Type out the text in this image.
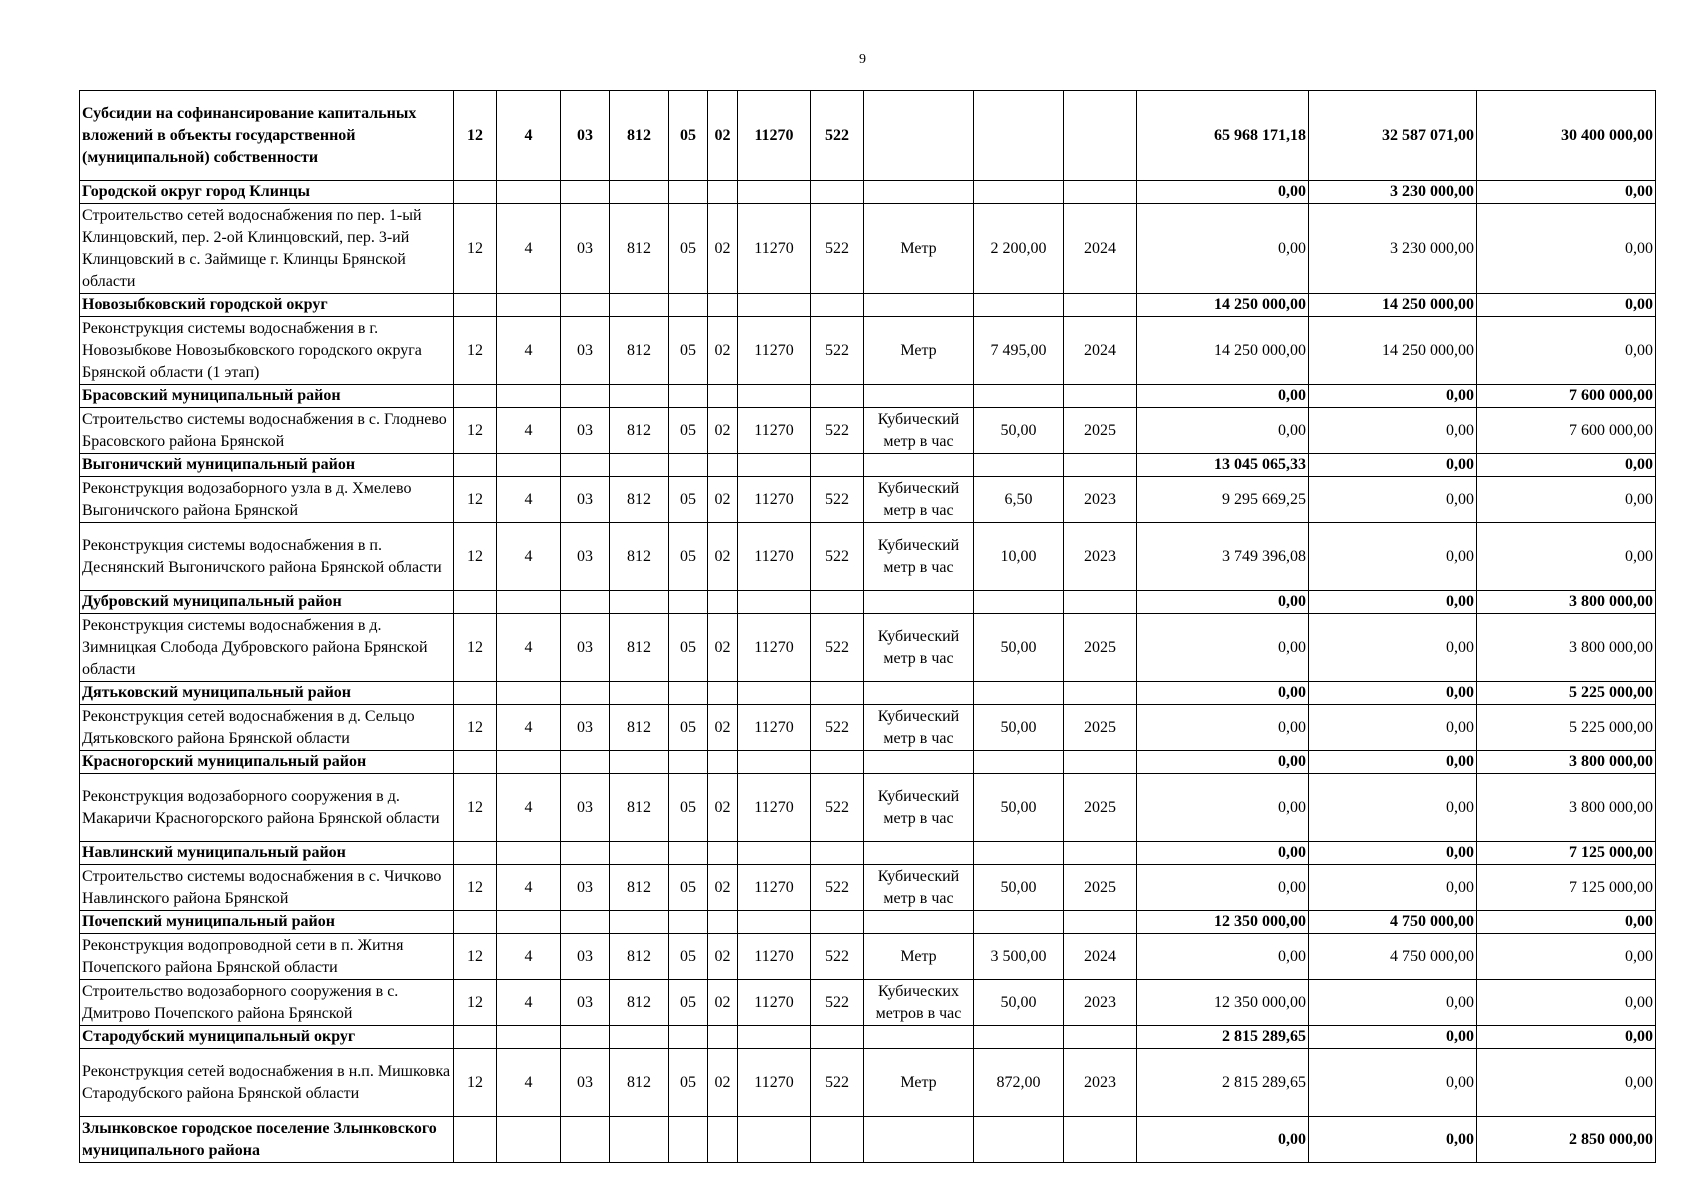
9
Субсидии на софинансирование капитальных вложений в объекты государственной (муниципальной) собственности	12	4	03	812	05	02	11270	522				65 968 171,18	32 587 071,00	30 400 000,00
Городской округ город Клинцы												0,00	3 230 000,00	0,00
Строительство сетей водоснабжения по пер. 1-ый Клинцовский, пер. 2-ой Клинцовский, пер. 3-ий Клинцовский в с. Займище г. Клинцы Брянской области	12	4	03	812	05	02	11270	522	Метр	2 200,00	2024	0,00	3 230 000,00	0,00
Новозыбковский городской округ												14 250 000,00	14 250 000,00	0,00
Реконструкция системы водоснабжения в г. Новозыбкове Новозыбковского городского округа Брянской области (1 этап)	12	4	03	812	05	02	11270	522	Метр	7 495,00	2024	14 250 000,00	14 250 000,00	0,00
Брасовский муниципальный район												0,00	0,00	7 600 000,00
Строительство системы водоснабжения в с. Глоднево Брасовского района Брянской	12	4	03	812	05	02	11270	522	Кубический метр в час	50,00	2025	0,00	0,00	7 600 000,00
Выгоничский муниципальный район												13 045 065,33	0,00	0,00
Реконструкция водозаборного узла в д. Хмелево Выгоничского района Брянской	12	4	03	812	05	02	11270	522	Кубический метр в час	6,50	2023	9 295 669,25	0,00	0,00
Реконструкция системы водоснабжения в п. Деснянский Выгоничского района Брянской области	12	4	03	812	05	02	11270	522	Кубический метр в час	10,00	2023	3 749 396,08	0,00	0,00
Дубровский муниципальный район												0,00	0,00	3 800 000,00
Реконструкция системы водоснабжения в д. Зимницкая Слобода Дубровского района Брянской области	12	4	03	812	05	02	11270	522	Кубический метр в час	50,00	2025	0,00	0,00	3 800 000,00
Дятьковский муниципальный район												0,00	0,00	5 225 000,00
Реконструкция сетей водоснабжения в д. Сельцо Дятьковского района Брянской области	12	4	03	812	05	02	11270	522	Кубический метр в час	50,00	2025	0,00	0,00	5 225 000,00
Красногорский муниципальный район												0,00	0,00	3 800 000,00
Реконструкция водозаборного сооружения в д. Макаричи Красногорского района Брянской области	12	4	03	812	05	02	11270	522	Кубический метр в час	50,00	2025	0,00	0,00	3 800 000,00
Навлинский муниципальный район												0,00	0,00	7 125 000,00
Строительство системы водоснабжения в с. Чичково Навлинского района Брянской	12	4	03	812	05	02	11270	522	Кубический метр в час	50,00	2025	0,00	0,00	7 125 000,00
Почепский муниципальный район												12 350 000,00	4 750 000,00	0,00
Реконструкция водопроводной сети в п. Житня Почепского района Брянской области	12	4	03	812	05	02	11270	522	Метр	3 500,00	2024	0,00	4 750 000,00	0,00
Строительство водозаборного сооружения в с. Дмитрово Почепского района Брянской	12	4	03	812	05	02	11270	522	Кубических метров в час	50,00	2023	12 350 000,00	0,00	0,00
Стародубский муниципальный округ												2 815 289,65	0,00	0,00
Реконструкция сетей водоснабжения в н.п. Мишковка Стародубского района Брянской области	12	4	03	812	05	02	11270	522	Метр	872,00	2023	2 815 289,65	0,00	0,00
Злынковское городское поселение Злынковского муниципального района												0,00	0,00	2 850 000,00
